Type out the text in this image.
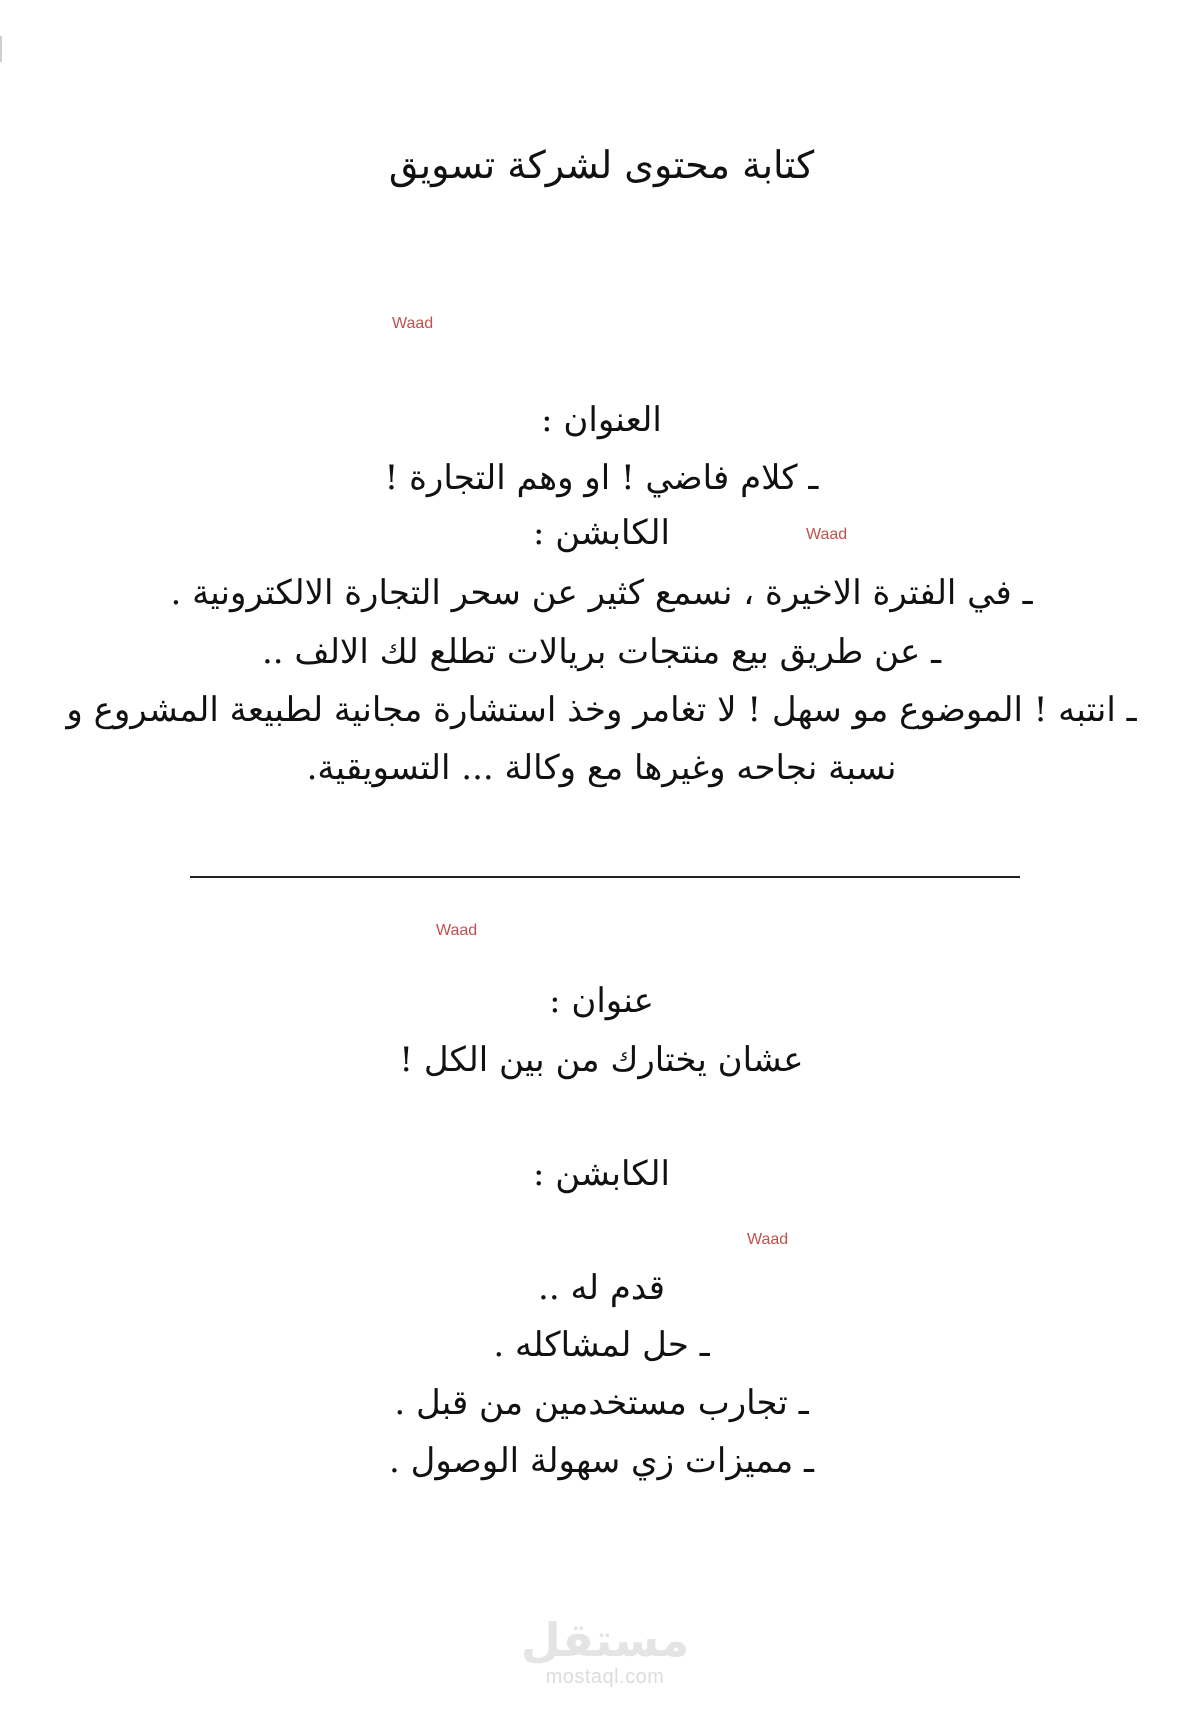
كتابة محتوى لشركة تسويق
Waad
العنوان :
ـ كلام فاضي ! او وهم التجارة !
الكابشن :	Waad
ـ في الفترة الاخيرة ، نسمع كثير عن سحر التجارة الالكترونية .
ـ عن طريق بيع منتجات بريالات تطلع لك الالف ..
ـ انتبه ! الموضوع مو سهل ! لا تغامر وخذ استشارة مجانية لطبيعة المشروع و
نسبة نجاحه وغيرها مع وكالة ... التسويقية.
Waad
عنوان :
عشان يختارك من بين الكل !
الكابشن :
Waad
قدم له ..
ـ حل لمشاكله .
ـ تجارب مستخدمين من قبل .
ـ مميزات زي سهولة الوصول .
مستقل
mostaql.com
